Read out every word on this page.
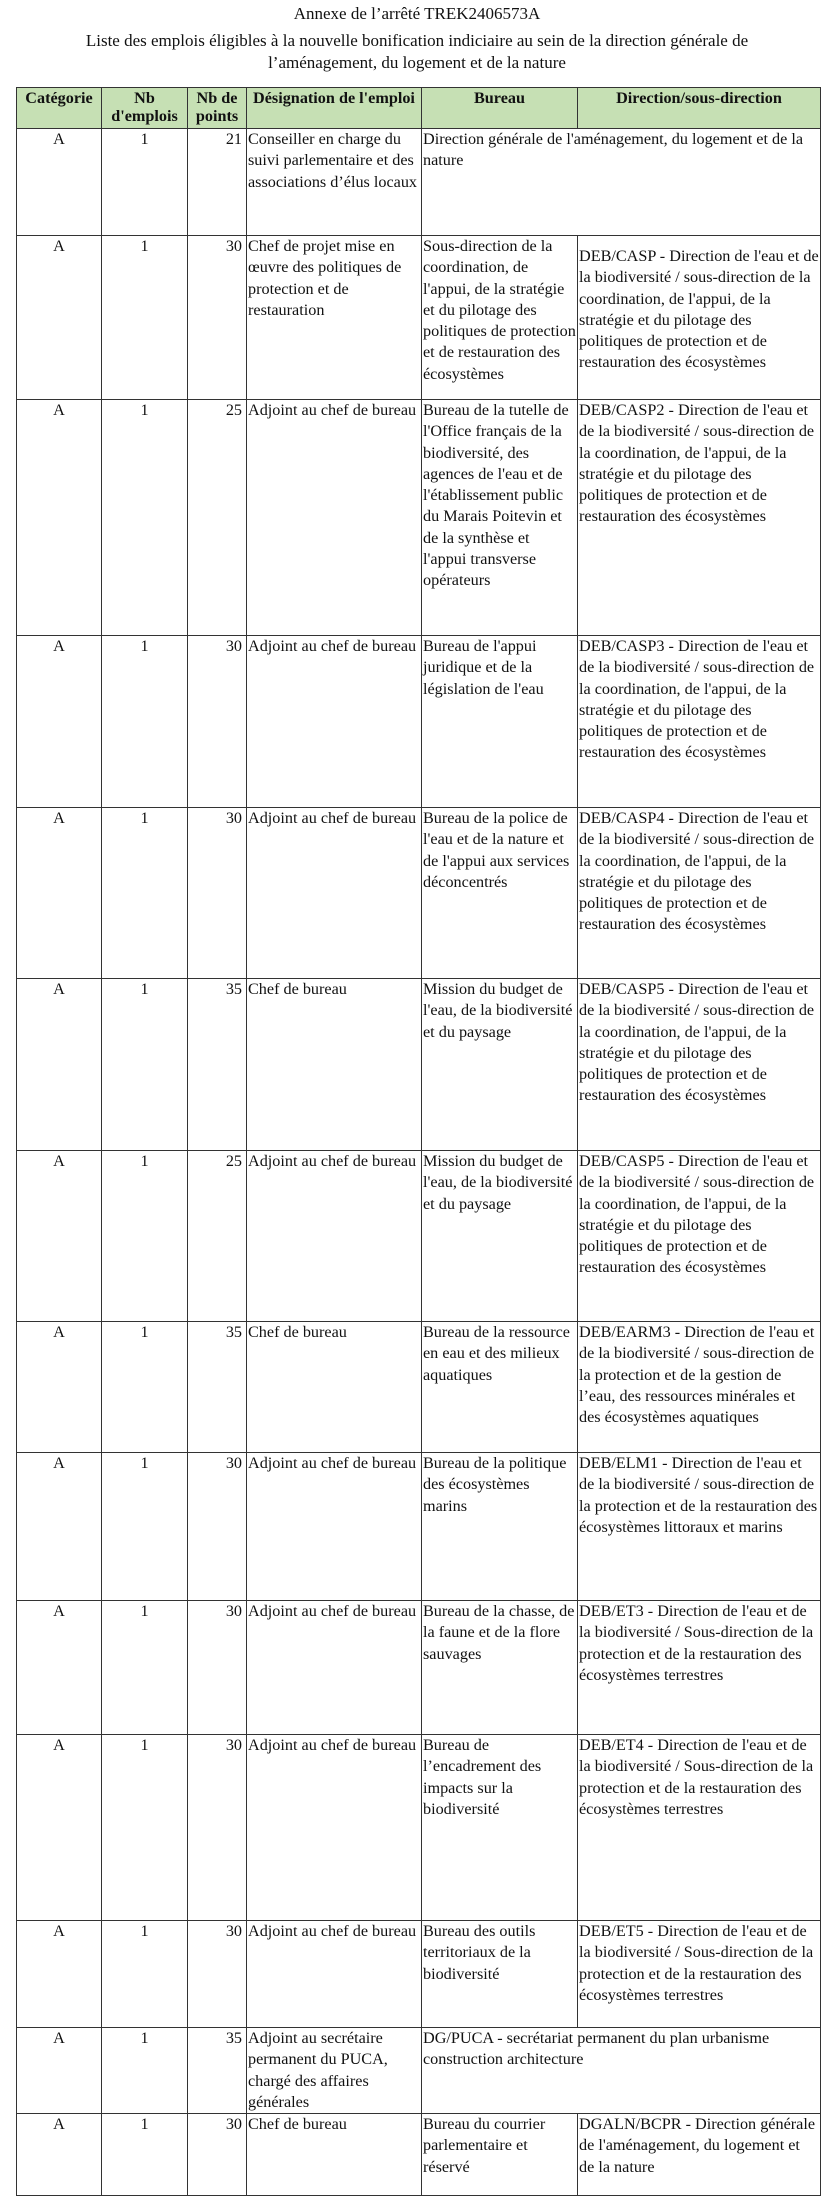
Annexe de l’arrêté TREK2406573A
Liste des emplois éligibles à la nouvelle bonification indiciaire au sein de la direction générale de
l’aménagement, du logement et de la nature
Catégorie	Nb d'emplois	Nb de points	Désignation de l'emploi	Bureau	Direction/sous-direction
A	1	21	Conseiller en charge du suivi parlementaire et des associations d’élus locaux	Direction générale de l'aménagement, du logement et de la nature	
A	1	30	Chef de projet mise en œuvre des politiques de protection et de restauration	Sous-direction de la coordination, de l'appui, de la stratégie et du pilotage des politiques de protection et de restauration des écosystèmes	DEB/CASP - Direction de l'eau et de la biodiversité / sous-direction de la coordination, de l'appui, de la stratégie et du pilotage des politiques de protection et de restauration des écosystèmes
A	1	25	Adjoint au chef de bureau	Bureau de la tutelle de l'Office français de la biodiversité, des agences de l'eau et de l'établissement public du Marais Poitevin et de la synthèse et l'appui transverse opérateurs	DEB/CASP2 - Direction de l'eau et de la biodiversité / sous-direction de la coordination, de l'appui, de la stratégie et du pilotage des politiques de protection et de restauration des écosystèmes
A	1	30	Adjoint au chef de bureau	Bureau de l'appui juridique et de la législation de l'eau	DEB/CASP3 - Direction de l'eau et de la biodiversité / sous-direction de la coordination, de l'appui, de la stratégie et du pilotage des politiques de protection et de restauration des écosystèmes
A	1	30	Adjoint au chef de bureau	Bureau de la police de l'eau et de la nature et de l'appui aux services déconcentrés	DEB/CASP4 - Direction de l'eau et de la biodiversité / sous-direction de la coordination, de l'appui, de la stratégie et du pilotage des politiques de protection et de restauration des écosystèmes
A	1	35	Chef de bureau	Mission du budget de l'eau, de la biodiversité et du paysage	DEB/CASP5 - Direction de l'eau et de la biodiversité / sous-direction de la coordination, de l'appui, de la stratégie et du pilotage des politiques de protection et de restauration des écosystèmes
A	1	25	Adjoint au chef de bureau	Mission du budget de l'eau, de la biodiversité et du paysage	DEB/CASP5 - Direction de l'eau et de la biodiversité / sous-direction de la coordination, de l'appui, de la stratégie et du pilotage des politiques de protection et de restauration des écosystèmes
A	1	35	Chef de bureau	Bureau de la ressource en eau et des milieux aquatiques	DEB/EARM3 - Direction de l'eau et de la biodiversité / sous-direction de la protection et de la gestion de l’eau, des ressources minérales et des écosystèmes aquatiques
A	1	30	Adjoint au chef de bureau	Bureau de la politique des écosystèmes marins	DEB/ELM1 - Direction de l'eau et de la biodiversité / sous-direction de la protection et de la restauration des écosystèmes littoraux et marins
A	1	30	Adjoint au chef de bureau	Bureau de la chasse, de la faune et de la flore sauvages	DEB/ET3 - Direction de l'eau et de la biodiversité / Sous-direction de la protection et de la restauration des écosystèmes terrestres
A	1	30	Adjoint au chef de bureau	Bureau de l’encadrement des impacts sur la biodiversité	DEB/ET4 - Direction de l'eau et de la biodiversité / Sous-direction de la protection et de la restauration des écosystèmes terrestres
A	1	30	Adjoint au chef de bureau	Bureau des outils territoriaux de la biodiversité	DEB/ET5 - Direction de l'eau et de la biodiversité / Sous-direction de la protection et de la restauration des écosystèmes terrestres
A	1	35	Adjoint au secrétaire permanent du PUCA, chargé des affaires générales	DG/PUCA - secrétariat permanent du plan urbanisme construction architecture	
A	1	30	Chef de bureau	Bureau du courrier parlementaire et réservé	DGALN/BCPR - Direction générale de l'aménagement, du logement et de la nature
